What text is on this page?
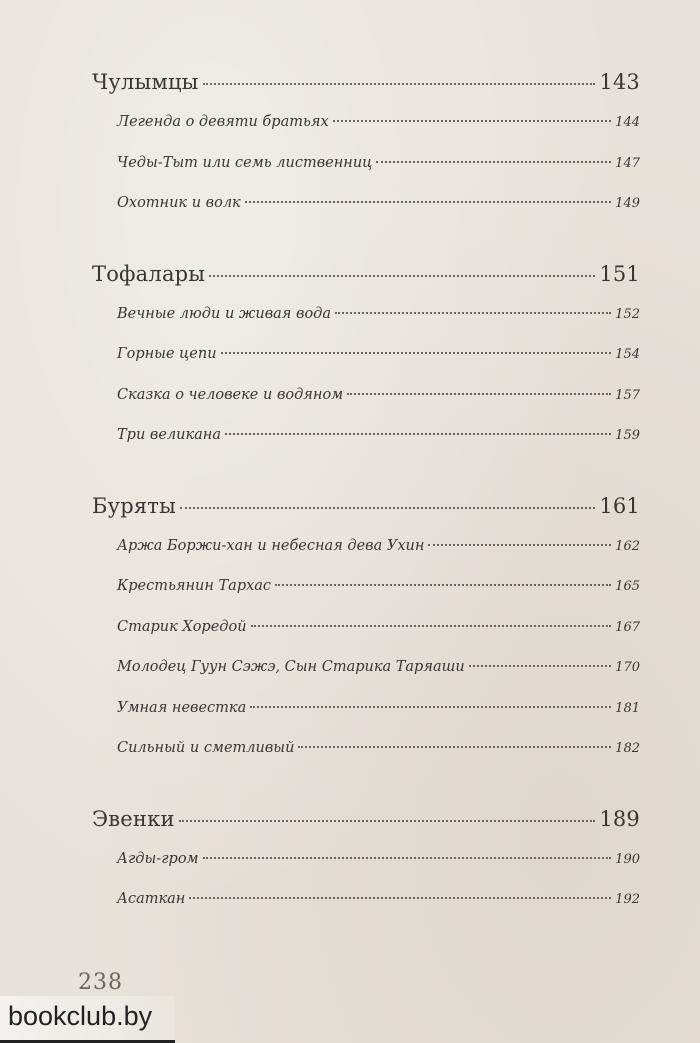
Чулымцы	143
Легенда о девяти братьях	144
Чеды-Тыт или семь лиственниц	147
Охотник и волк	149
Тофалары	151
Вечные люди и живая вода	152
Горные цепи	154
Сказка о человеке и водяном	157
Три великана	159
Буряты	161
Аржа Боржи-хан и небесная дева Ухин	162
Крестьянин Тархас	165
Старик Хоредой	167
Молодец Гуун Сэжэ, Сын Старика Таряаши	170
Умная невестка	181
Сильный и сметливый	182
Эвенки	189
Агды-гром	190
Асаткан	192
238
bookclub.by
